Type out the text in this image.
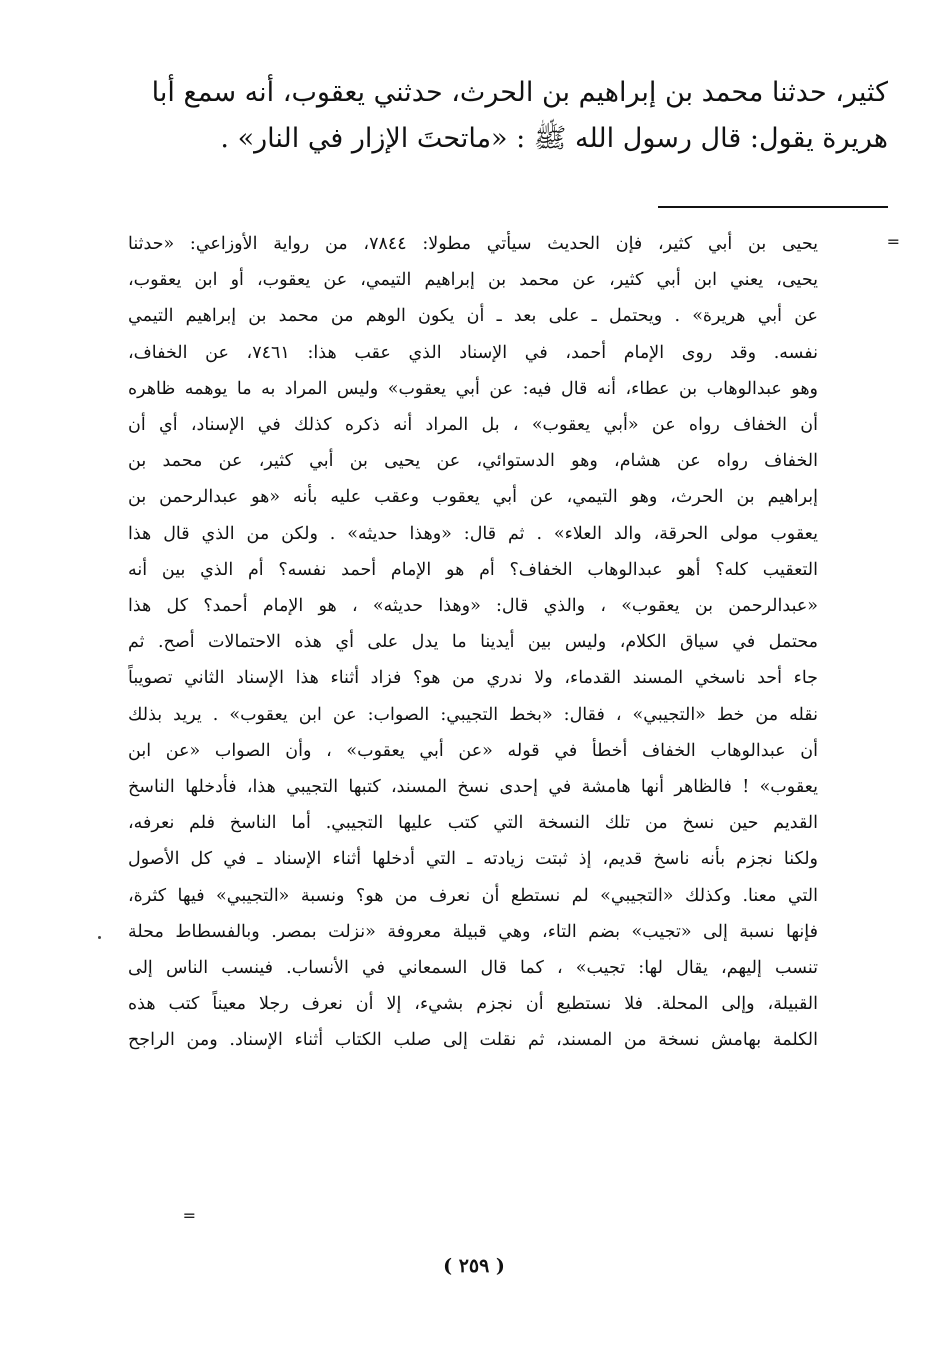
كثير، حدثنا محمد بن إبراهيم بن الحرث، حدثني يعقوب، أنه سمع أبا
هريرة يقول: قال رسول الله ﷺ : «ماتحتَ الإزار في النار» .
=
يحيى بن أبي كثير، فإن الحديث سيأتي مطولا: ٧٨٤٤، من رواية الأوزاعي: «حدثنا
يحيى، يعني ابن أبي كثير، عن محمد بن إبراهيم التيمي، عن يعقوب، أو ابن يعقوب،
عن أبي هريرة» . ويحتمل ـ على بعد ـ أن يكون الوهم من محمد بن إبراهيم التيمي
نفسه. وقد روى الإمام أحمد، في الإسناد الذي عقب هذا: ٧٤٦١، عن الخفاف،
وهو عبدالوهاب بن عطاء، أنه قال فيه: عن أبي يعقوب» وليس المراد به ما يوهمه ظاهره
أن الخفاف رواه عن «أبي يعقوب» ، بل المراد أنه ذكره كذلك في الإسناد، أي أن
الخفاف رواه عن هشام، وهو الدستوائي، عن يحيى بن أبي كثير، عن محمد بن
إبراهيم بن الحرث، وهو التيمي، عن أبي يعقوب وعقب عليه بأنه «هو عبدالرحمن بن
يعقوب مولى الحرقة، والد العلاء» . ثم قال: «وهذا حديثه» . ولكن من الذي قال هذا
التعقيب كله؟ أهو عبدالوهاب الخفاف؟ أم هو الإمام أحمد نفسه؟ أم الذي بين أنه
«عبدالرحمن بن يعقوب» ، والذي قال: «وهذا حديثه» ، هو الإمام أحمد؟ كل هذا
محتمل في سياق الكلام، وليس بين أيدينا ما يدل على أي هذه الاحتمالات أصح. ثم
جاء أحد ناسخي المسند القدماء، ولا ندري من هو؟ فزاد أثناء هذا الإسناد الثاني تصويباً
نقله من خط «التجيبي» ، فقال: «بخط التجيبي: الصواب: عن ابن يعقوب» . يريد بذلك
أن عبدالوهاب الخفاف أخطأ في قوله «عن أبي يعقوب» ، وأن الصواب «عن ابن
يعقوب» ! فالظاهر أنها هامشة في إحدى نسخ المسند، كتبها التجيبي هذا، فأدخلها الناسخ
القديم حين نسخ من تلك النسخة التي كتب عليها التجيبي. أما الناسخ فلم نعرفه،
ولكنا نجزم بأنه ناسخ قديم، إذ ثبتت زيادته ـ التي أدخلها أثناء الإسناد ـ في كل الأصول
التي معنا. وكذلك «التجيبي» لم نستطع أن نعرف من هو؟ ونسبة «التجيبي» فيها كثرة،
فإنها نسبة إلى «تجيب» بضم التاء، وهي قبيلة معروفة «نزلت بمصر. وبالفسطاط محلة
تنسب إليهم، يقال لها: تجيب» ، كما قال السمعاني في الأنساب. فينسب الناس إلى
القبيلة، وإلى المحلة. فلا نستطيع أن نجزم بشيء، إلا أن نعرف رجلا معيناً كتب هذه
الكلمة بهامش نسخة من المسند، ثم نقلت إلى صلب الكتاب أثناء الإسناد. ومن الراجح
=
( ٢٥٩ )
